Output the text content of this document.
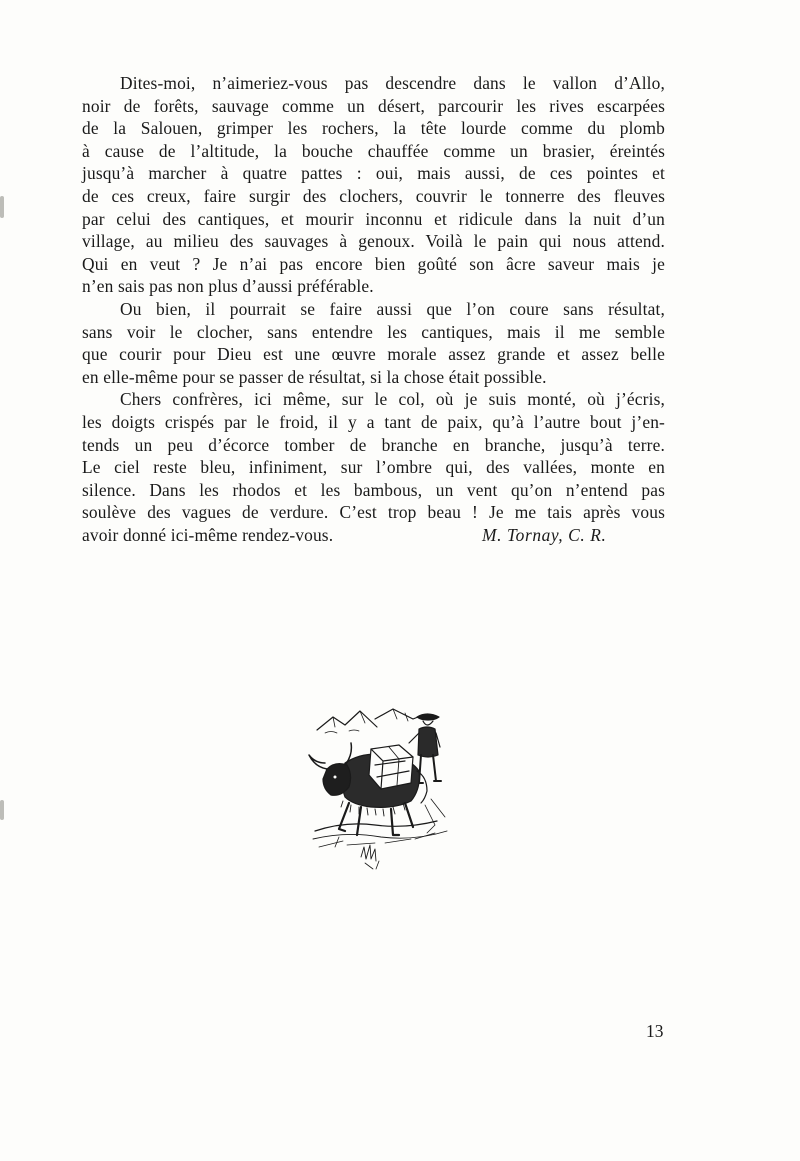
Dites-moi, n’aimeriez-vous pas descendre dans le vallon d’Allo,
noir de forêts, sauvage comme un désert, parcourir les rives escarpées
de la Salouen, grimper les rochers, la tête lourde comme du plomb
à cause de l’altitude, la bouche chauffée comme un brasier, éreintés
jusqu’à marcher à quatre pattes : oui, mais aussi, de ces pointes et
de ces creux, faire surgir des clochers, couvrir le tonnerre des fleuves
par celui des cantiques, et mourir inconnu et ridicule dans la nuit d’un
village, au milieu des sauvages à genoux. Voilà le pain qui nous attend.
Qui en veut ? Je n’ai pas encore bien goûté son âcre saveur mais je
n’en sais pas non plus d’aussi préférable.
Ou bien, il pourrait se faire aussi que l’on coure sans résultat,
sans voir le clocher, sans entendre les cantiques, mais il me semble
que courir pour Dieu est une œuvre morale assez grande et assez belle
en elle-même pour se passer de résultat, si la chose était possible.
Chers confrères, ici même, sur le col, où je suis monté, où j’écris,
les doigts crispés par le froid, il y a tant de paix, qu’à l’autre bout j’en-
tends un peu d’écorce tomber de branche en branche, jusqu’à terre.
Le ciel reste bleu, infiniment, sur l’ombre qui, des vallées, monte en
silence. Dans les rhodos et les bambous, un vent qu’on n’entend pas
soulève des vagues de verdure. C’est trop beau ! Je me tais après vous
avoir donné ici-même rendez-vous.	M. Tornay, C. R.
13
